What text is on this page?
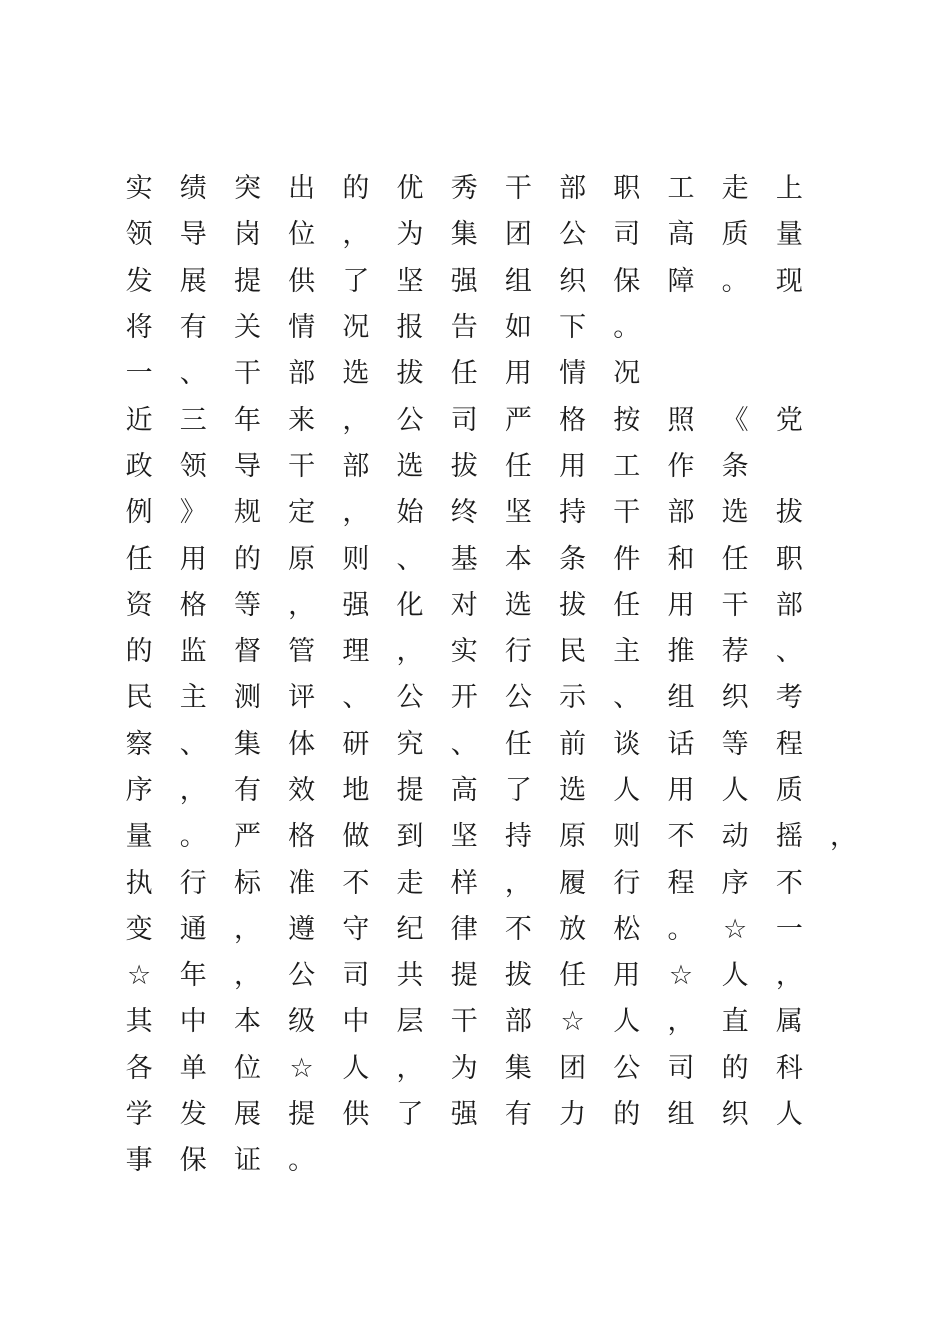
实	绩	突	出	的	优	秀	干	部	职	工	走	上
领	导	岗	位	，	为	集	团	公	司	高	质	量
发	展	提	供	了	坚	强	组	织	保	障	。	现
将	有	关	情	况	报	告	如	下	。
一	、	干	部	选	拔	任	用	情	况
近	三	年	来	，	公	司	严	格	按	照	《	党
政	领	导	干	部	选	拔	任	用	工	作	条
例	》	规	定	，	始	终	坚	持	干	部	选	拔
任	用	的	原	则	、	基	本	条	件	和	任	职
资	格	等	，	强	化	对	选	拔	任	用	干	部
的	监	督	管	理	，	实	行	民	主	推	荐	、
民	主	测	评	、	公	开	公	示	、	组	织	考
察	、	集	体	研	究	、	任	前	谈	话	等	程
序	，	有	效	地	提	高	了	选	人	用	人	质
量	。	严	格	做	到	坚	持	原	则	不	动	摇	，
执	行	标	准	不	走	样	，	履	行	程	序	不
变	通	，	遵	守	纪	律	不	放	松	。	☆	一
☆	年	，	公	司	共	提	拔	任	用	☆	人	，
其	中	本	级	中	层	干	部	☆	人	，	直	属
各	单	位	☆	人	，	为	集	团	公	司	的	科
学	发	展	提	供	了	强	有	力	的	组	织	人
事	保	证	。
